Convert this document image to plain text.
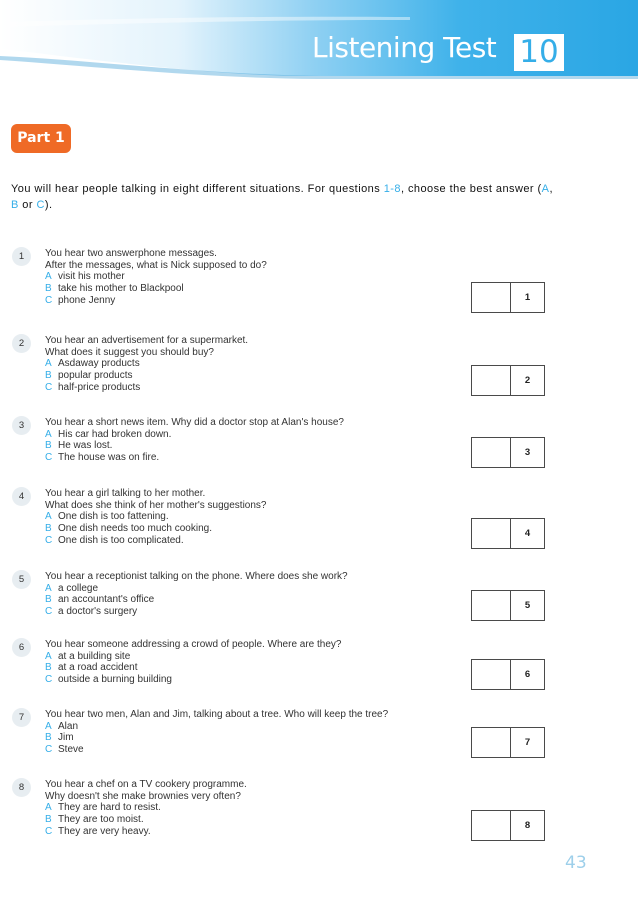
Listening Test 10
Part 1
You will hear people talking in eight different situations. For questions 1-8, choose the best answer (A, B or C).
1	You hear two answerphone messages.
After the messages, what is Nick supposed to do?
A visit his mother
B take his mother to Blackpool
C phone Jenny	1
2	You hear an advertisement for a supermarket.
What does it suggest you should buy?
A Asdaway products
B popular products
C half-price products
2
3	You hear a short news item. Why did a doctor stop at Alan's house?
A His car had broken down.
B He was lost.
C The house was on fire.	3
4	You hear a girl talking to her mother.
What does she think of her mother's suggestions?
A One dish is too fattening.
B One dish needs too much cooking.
C One dish is too complicated.
4
5	You hear a receptionist talking on the phone. Where does she work?
A a college
B an accountant's office
C a doctor's surgery
5
6	You hear someone addressing a crowd of people. Where are they?
A at a building site
B at a road accident
C outside a burning building	6
7	You hear two men, Alan and Jim, talking about a tree. Who will keep the tree?
A Alan
B Jim
C Steve
7
8	You hear a chef on a TV cookery programme.
Why doesn't she make brownies very often?
A They are hard to resist.
B They are too moist.
C They are very heavy.
8
43
